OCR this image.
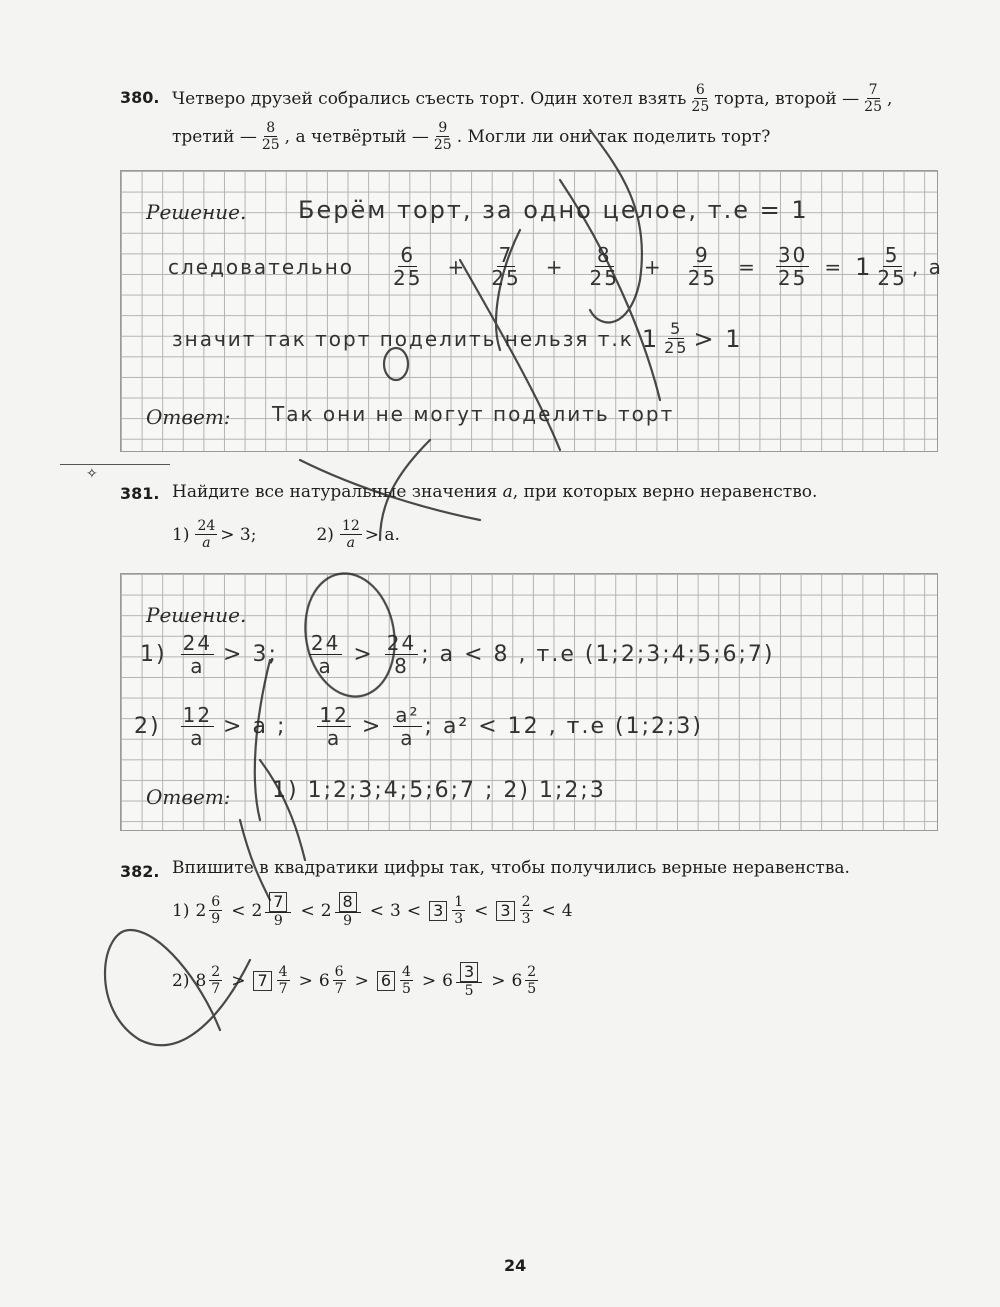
380. Четверо друзей собрались съесть торт. Один хотел взять $\frac{6}{25}$ торта, второй — $\frac{7}{25}$ ,
третий — $\frac{8}{25}$ , а четвёртый — $\frac{9}{25}$ . Могли ли они так поделить торт?
Решение. Берём торт, за одно целое, т.е = 1
следовательно $\frac{6}{25} + \frac{7}{25} + \frac{8}{25} + \frac{9}{25} = \frac{30}{25} = 1 \frac{5}{25}$ , а
значит так торт поделить нельзя т.к $1 \frac{5}{25} > 1$
Ответ: Так они не могут поделить торт
✧
381. Найдите все натуральные значения a, при которых верно неравенство.
$1) \frac{24}{a} > 3$;	$2) \frac{12}{a} > a$.
Решение.
$1) \frac{24}{a} > 3$; $\frac{24}{a} > \frac{24}{8}$ ; a < 8 , т.е (1;2;3;4;5;6;7)
$2) \frac{12}{a} > a$ ; $\frac{12}{a} > \frac{\text{a²}}{a}$ ; a² < 12 , т.е (1;2;3)
Ответ: 1) 1;2;3;4;5;6;7 ; 2) 1;2;3
382. Впишите в квадратики цифры так, чтобы получились верные неравенства.
1) $2 \frac{6}{9} < 2 \frac{7}{9} < 2 \frac{8}{9} < 3 < 3 \frac{1}{3} < 3 \frac{2}{3} < 4$
2) $8 \frac{2}{7} > 7 \frac{4}{7} > 6 \frac{6}{7} > 6 \frac{4}{5} > 6 \frac{3}{5} > 6 \frac{2}{5}$
24
